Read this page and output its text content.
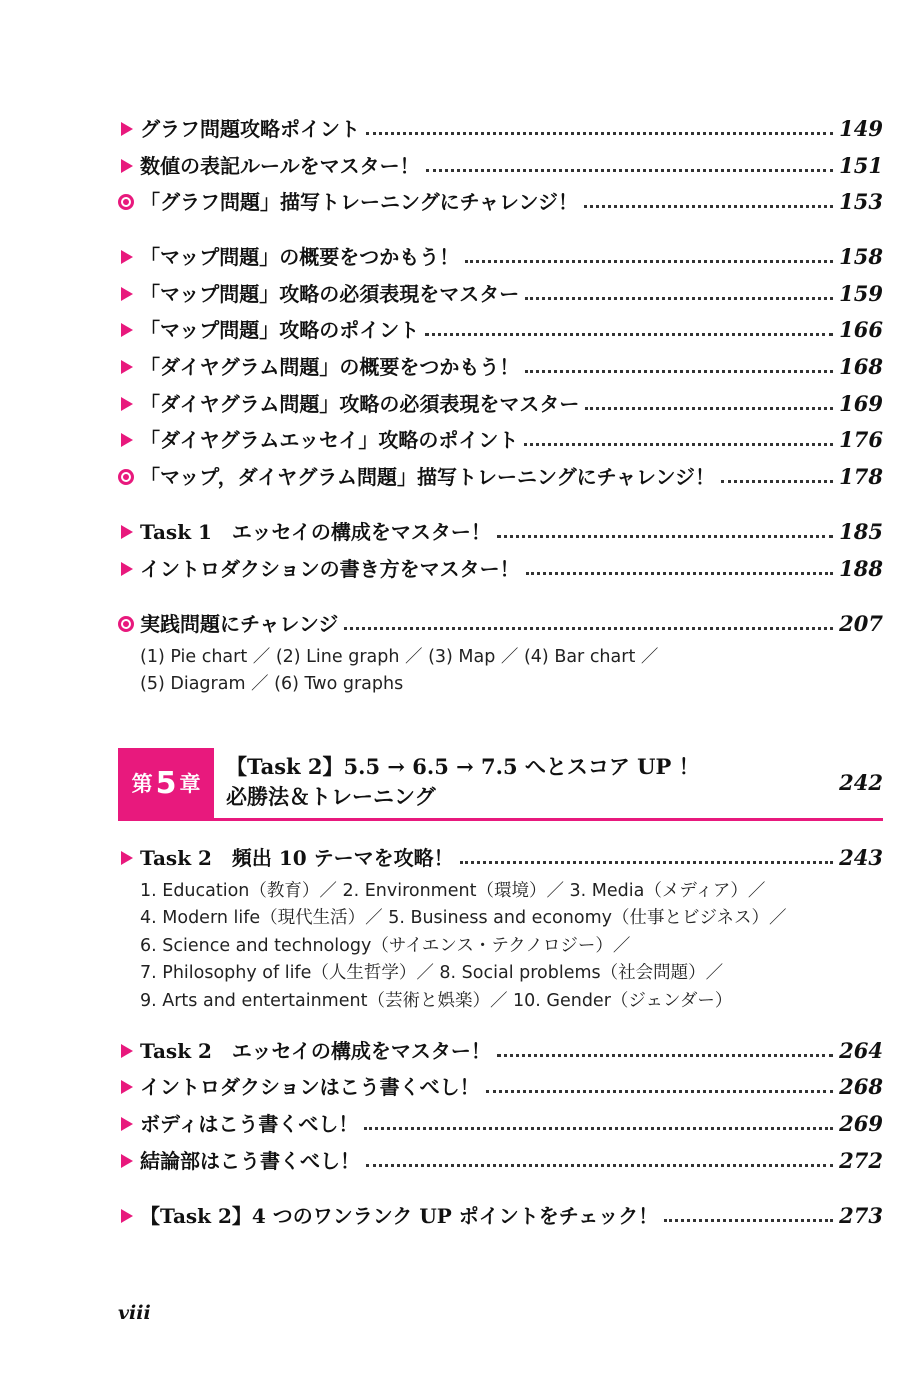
グラフ問題攻略ポイント	149
数値の表記ルールをマスター！	151
「グラフ問題」描写トレーニングにチャレンジ！	153
「マップ問題」の概要をつかもう！	158
「マップ問題」攻略の必須表現をマスター	159
「マップ問題」攻略のポイント	166
「ダイヤグラム問題」の概要をつかもう！	168
「ダイヤグラム問題」攻略の必須表現をマスター	169
「ダイヤグラムエッセイ」攻略のポイント	176
「マップ，ダイヤグラム問題」描写トレーニングにチャレンジ！	178
Task 1　エッセイの構成をマスター！	185
イントロダクションの書き方をマスター！	188
実践問題にチャレンジ	207
(1) Pie chart ／ (2) Line graph ／ (3) Map ／ (4) Bar chart ／
(5) Diagram ／ (6) Two graphs
第 5 章
【Task 2】5.5 → 6.5 → 7.5 へとスコア UP ！
必勝法＆トレーニング
242
Task 2　頻出 10 テーマを攻略！	243
1. Education（教育）／ 2. Environment（環境）／ 3. Media（メディア）／
4. Modern life（現代生活）／ 5. Business and economy（仕事とビジネス）／
6. Science and technology（サイエンス・テクノロジー）／
7. Philosophy of life（人生哲学）／ 8. Social problems（社会問題）／
9. Arts and entertainment（芸術と娯楽）／ 10. Gender（ジェンダー）
Task 2　エッセイの構成をマスター！	264
イントロダクションはこう書くべし！	268
ボディはこう書くべし！	269
結論部はこう書くべし！	272
【Task 2】4 つのワンランク UP ポイントをチェック！	273
viii
